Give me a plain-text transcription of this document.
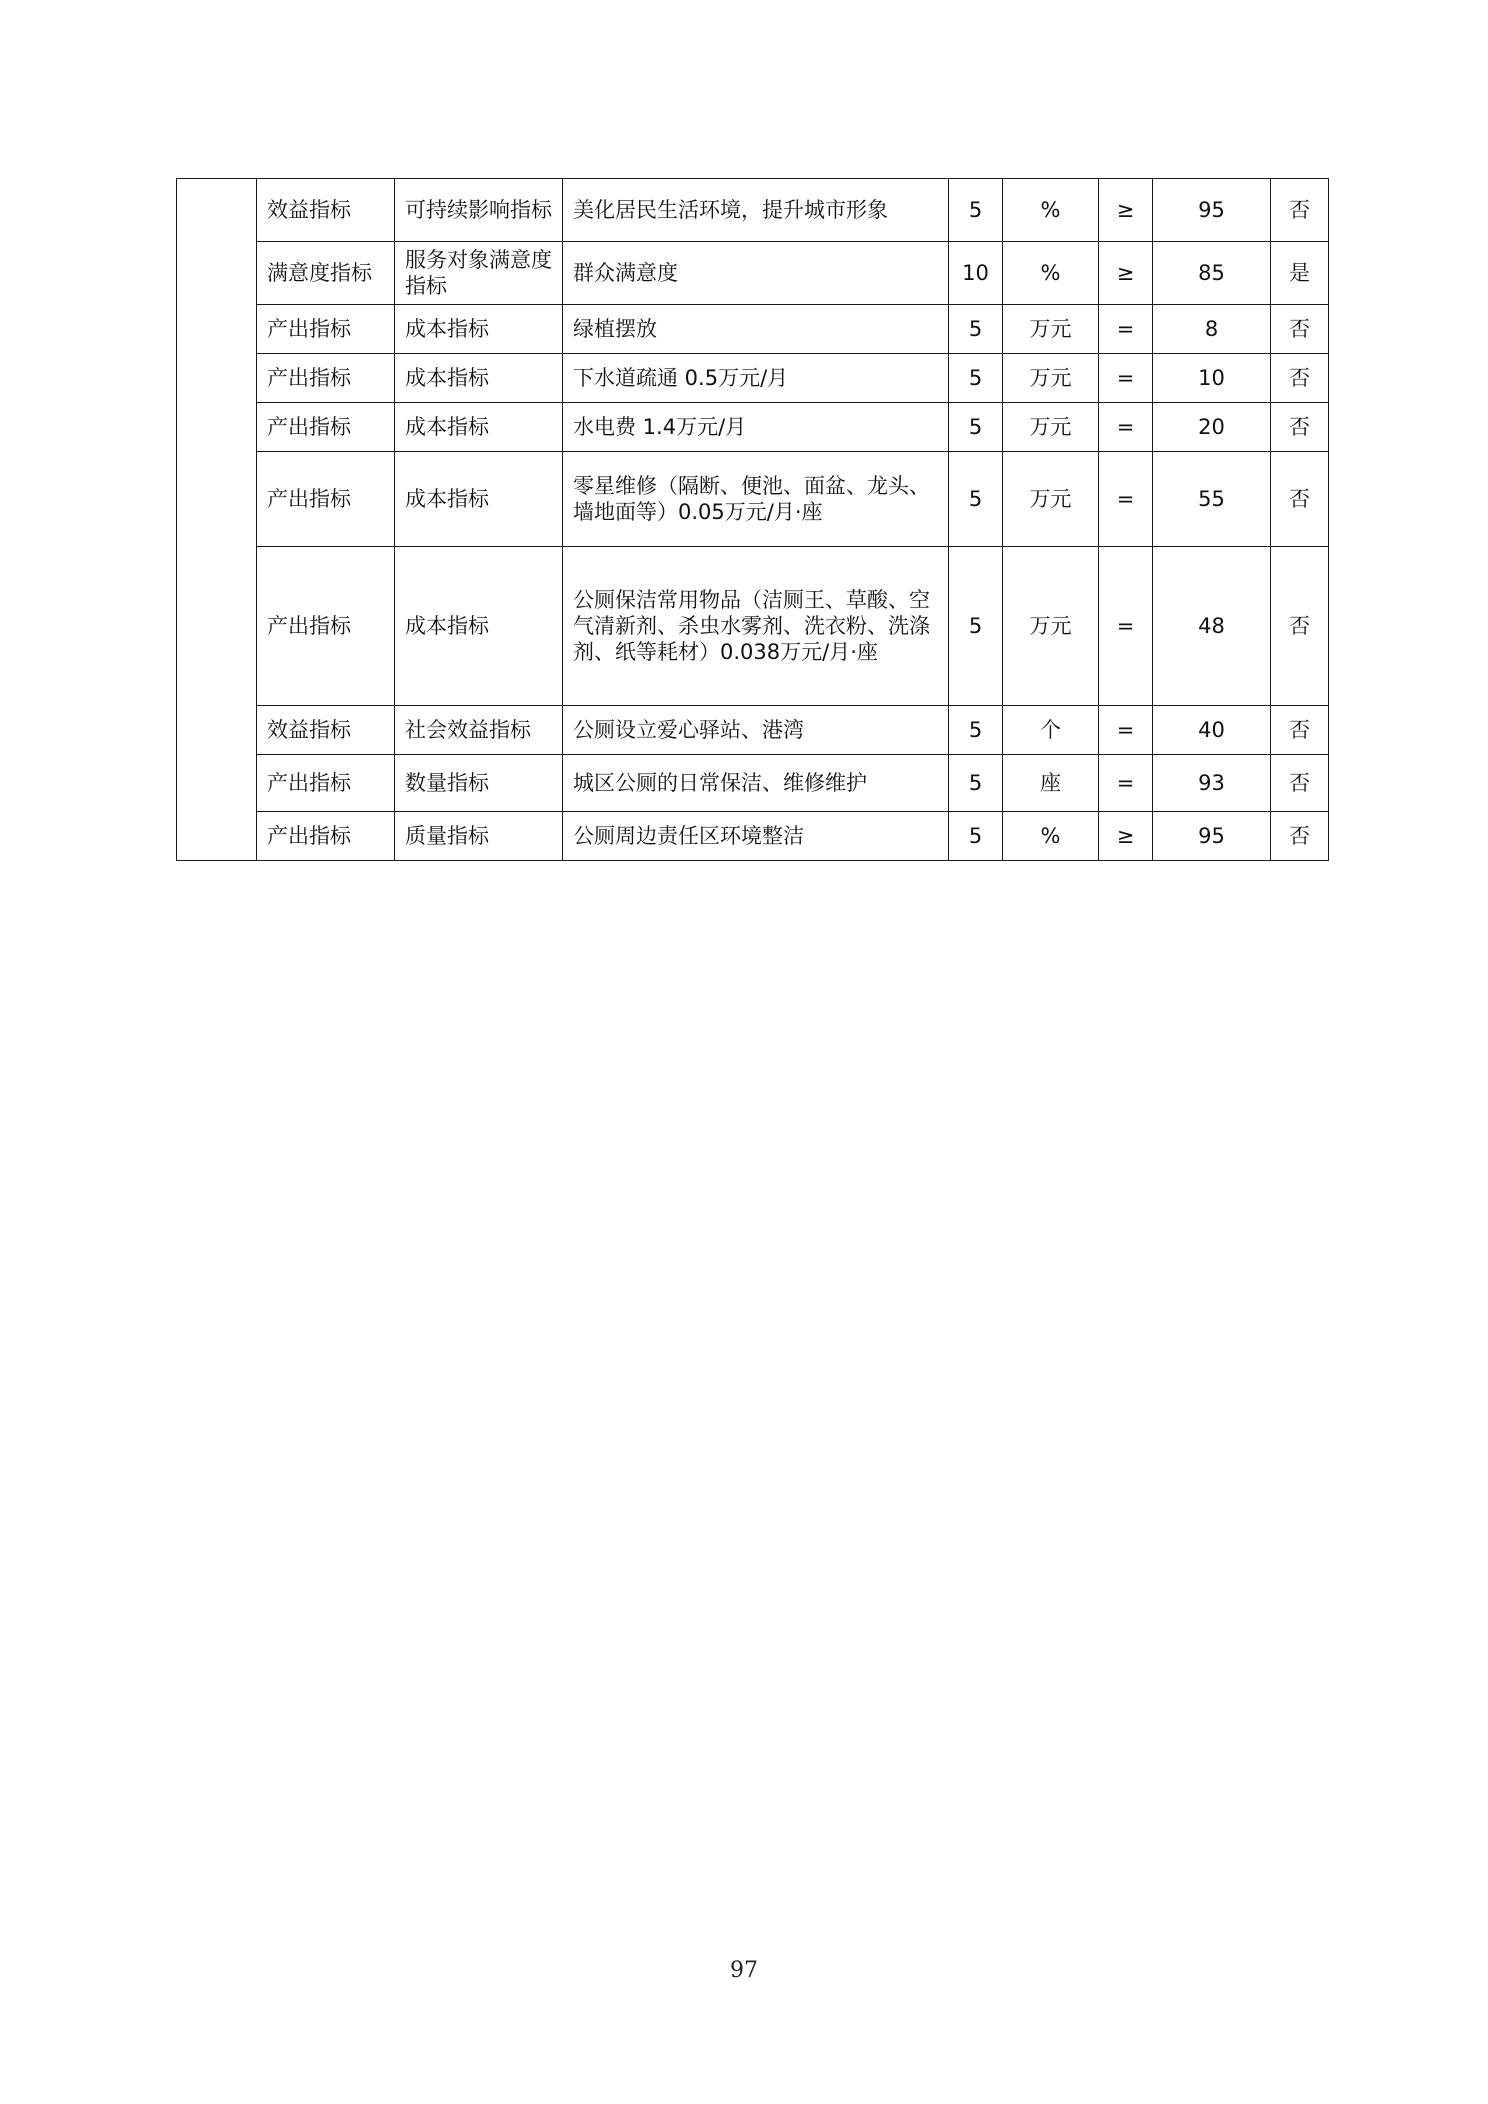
	效益指标	可持续影响指标	美化居民生活环境，提升城市形象	5	%	≥	95	否
	满意度指标	服务对象满意度指标	群众满意度	10	%	≥	85	是
	产出指标	成本指标	绿植摆放	5	万元	=	8	否
	产出指标	成本指标	下水道疏通 0.5万元/月	5	万元	=	10	否
	产出指标	成本指标	水电费 1.4万元/月	5	万元	=	20	否
	产出指标	成本指标	零星维修（隔断、便池、面盆、龙头、墙地面等）0.05万元/月·座	5	万元	=	55	否
	产出指标	成本指标	公厕保洁常用物品（洁厕王、草酸、空气清新剂、杀虫水雾剂、洗衣粉、洗涤剂、纸等耗材）0.038万元/月·座	5	万元	=	48	否
	效益指标	社会效益指标	公厕设立爱心驿站、港湾	5	个	=	40	否
	产出指标	数量指标	城区公厕的日常保洁、维修维护	5	座	=	93	否
	产出指标	质量指标	公厕周边责任区环境整洁	5	%	≥	95	否
97
